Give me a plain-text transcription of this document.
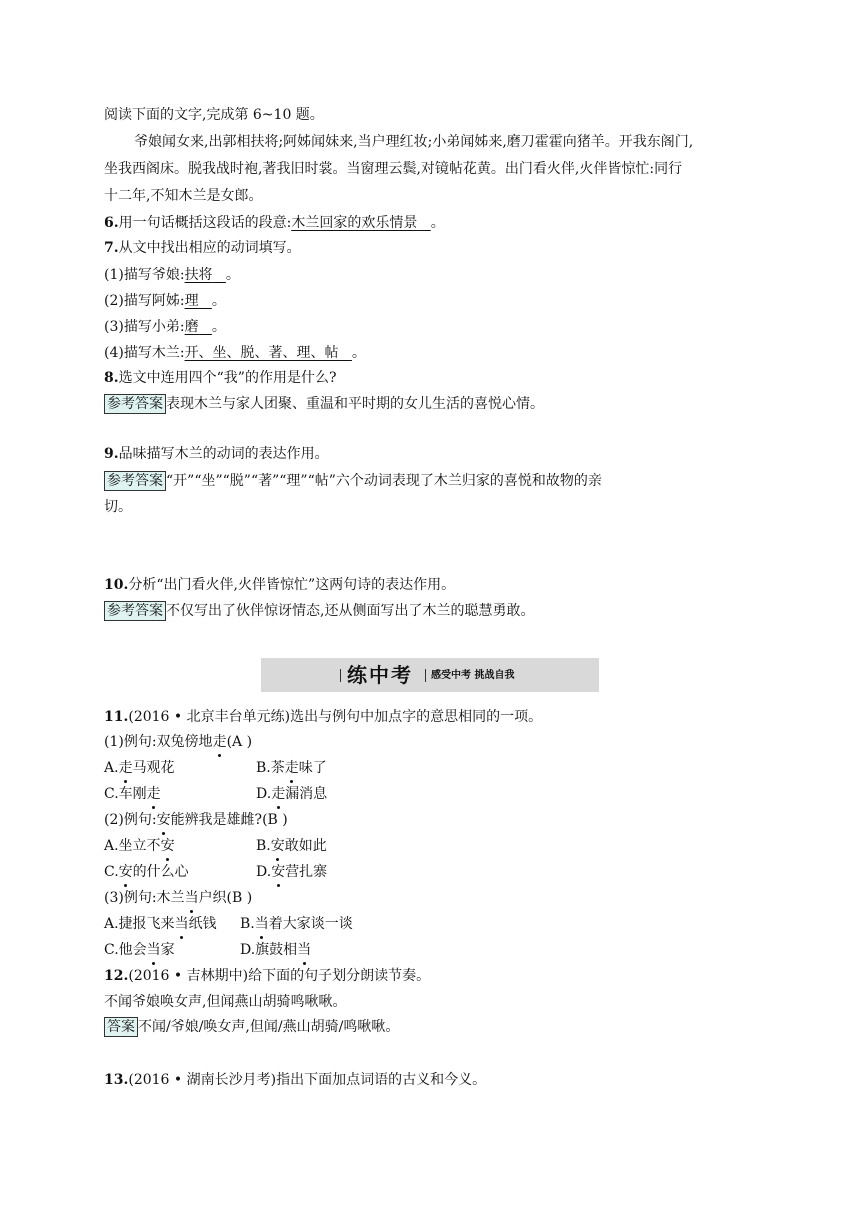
阅读下面的文字,完成第 6~10 题。
爷娘闻女来,出郭相扶将;阿姊闻妹来,当户理红妆;小弟闻姊来,磨刀霍霍向猪羊。开我东阁门,
坐我西阁床。脱我战时袍,著我旧时裳。当窗理云鬓,对镜帖花黄。出门看火伴,火伴皆惊忙:同行
十二年,不知木兰是女郎。
6.用一句话概括这段话的段意:木兰回家的欢乐情景 。
7.从文中找出相应的动词填写。
(1)描写爷娘:扶将 。
(2)描写阿姊:理 。
(3)描写小弟:磨 。
(4)描写木兰:开、坐、脱、著、理、帖 。
8.选文中连用四个“我”的作用是什么?
参考答案 表现木兰与家人团聚、重温和平时期的女儿生活的喜悦心情。
9.品味描写木兰的动词的表达作用。
参考答案 “开”“坐”“脱”“著”“理”“帖”六个动词表现了木兰归家的喜悦和故物的亲
切。
10.分析“出门看火伴,火伴皆惊忙”这两句诗的表达作用。
参考答案 不仅写出了伙伴惊讶情态,还从侧面写出了木兰的聪慧勇敢。
练中考 感受中考 挑战自我
11.(2016 • 北京丰台单元练)选出与例句中加点字的意思相同的一项。
(1)例句:双兔傍地走(A )
A.走马观花	B.茶走味了
C.车刚走	D.走漏消息
(2)例句:安能辨我是雄雌?(B )
A.坐立不安	B.安敢如此
C.安的什么心	D.安营扎寨
(3)例句:木兰当户织(B )
A.捷报飞来当纸钱 B.当着大家谈一谈
C.他会当家	D.旗鼓相当
12.(2016 • 吉林期中)给下面的句子划分朗读节奏。
不闻爷娘唤女声,但闻燕山胡骑鸣啾啾。
答案 不闻/爷娘/唤女声,但闻/燕山胡骑/鸣啾啾。
13.(2016 • 湖南长沙月考)指出下面加点词语的古义和今义。
